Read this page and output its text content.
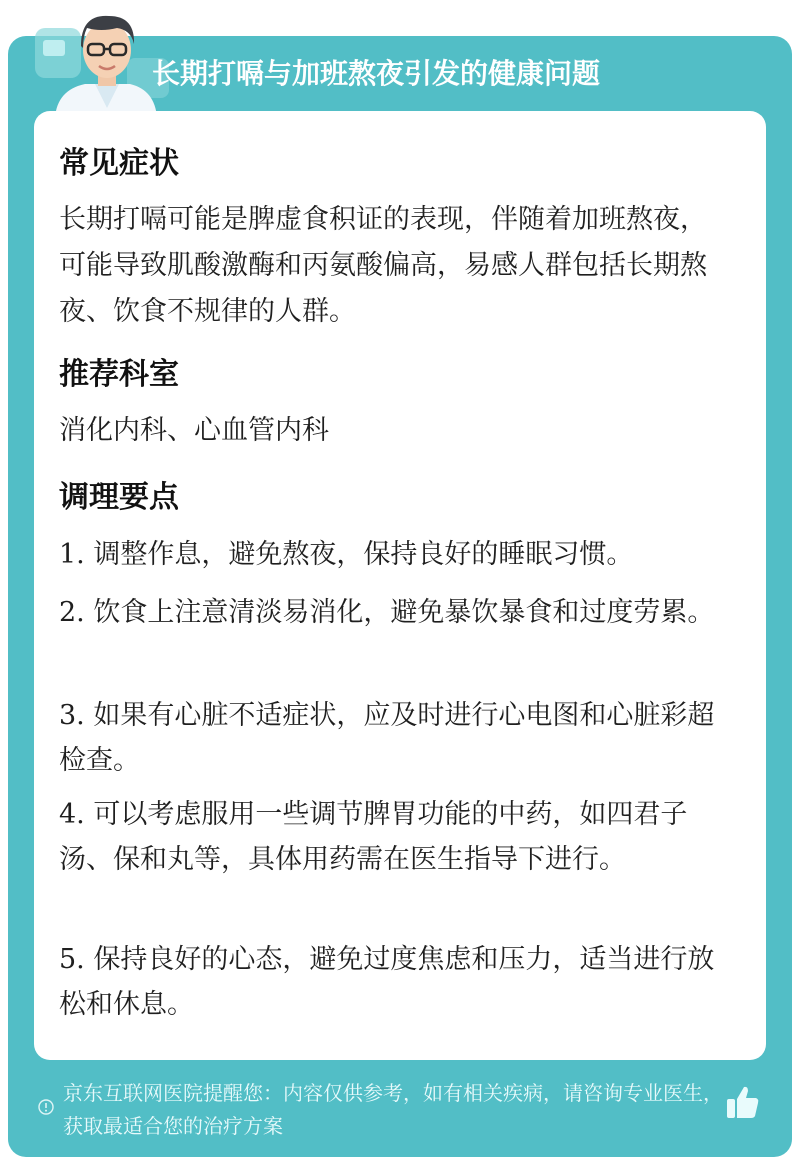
长期打嗝与加班熬夜引发的健康问题
常见症状
长期打嗝可能是脾虚食积证的表现，伴随着加班熬夜，可能导致肌酸激酶和丙氨酸偏高，易感人群包括长期熬夜、饮食不规律的人群。
推荐科室
消化内科、心血管内科
调理要点
1. 调整作息，避免熬夜，保持良好的睡眠习惯。
2. 饮食上注意清淡易消化，避免暴饮暴食和过度劳累。
3. 如果有心脏不适症状，应及时进行心电图和心脏彩超检查。
4. 可以考虑服用一些调节脾胃功能的中药，如四君子汤、保和丸等，具体用药需在医生指导下进行。
5. 保持良好的心态，避免过度焦虑和压力，适当进行放松和休息。
京东互联网医院提醒您：内容仅供参考，如有相关疾病，请咨询专业医生，获取最适合您的治疗方案
